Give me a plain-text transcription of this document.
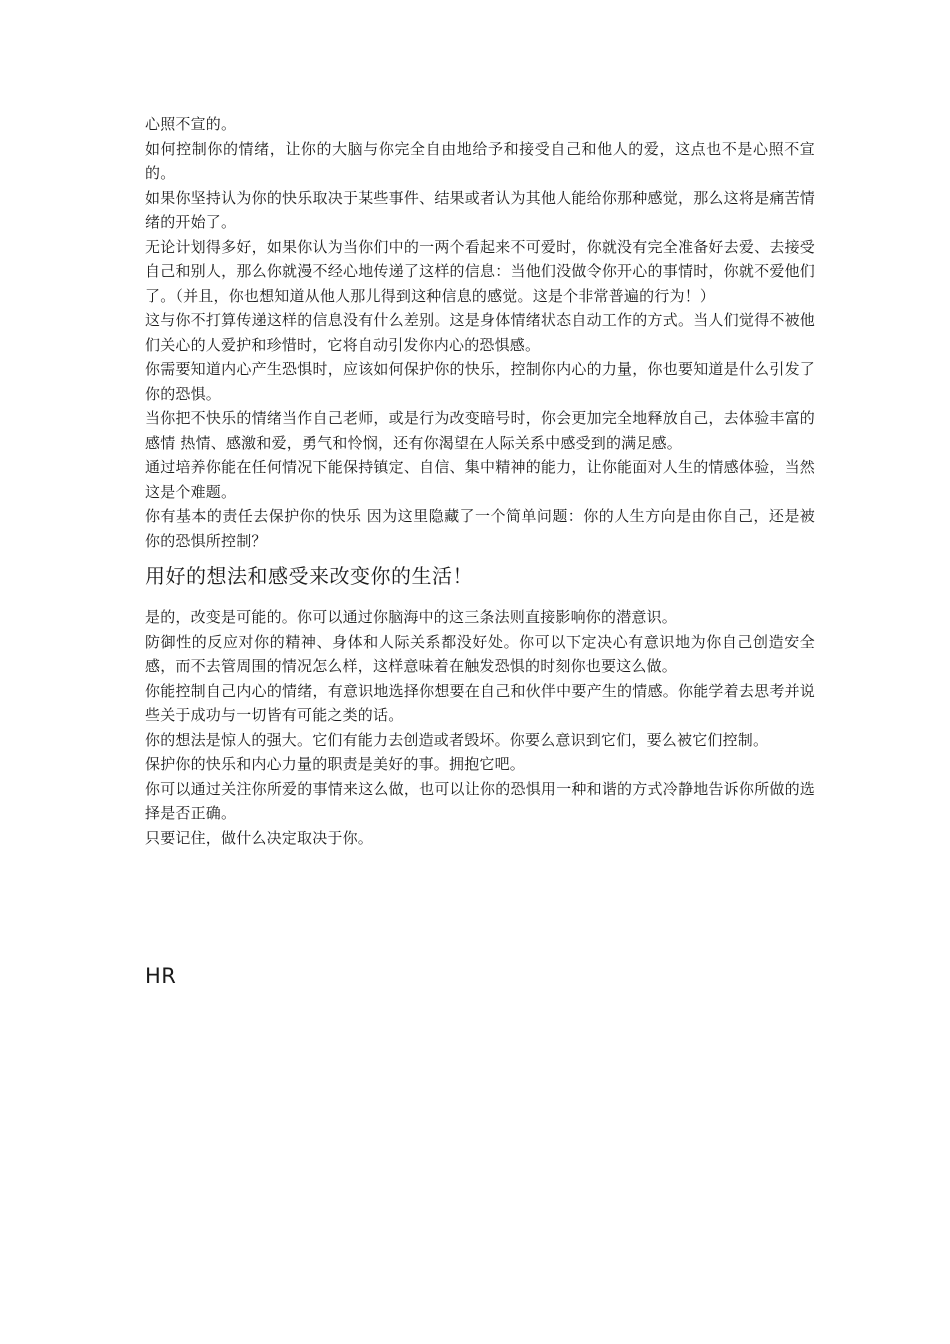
心照不宣的。

如何控制你的情绪，让你的大脑与你完全自由地给予和接受自己和他人的爱，这点也不是心照不宣的。

如果你坚持认为你的快乐取决于某些事件、结果或者认为其他人能给你那种感觉，那么这将是痛苦情绪的开始了。

无论计划得多好，如果你认为当你们中的一两个看起来不可爱时，你就没有完全准备好去爱、去接受自己和别人，那么你就漫不经心地传递了这样的信息：当他们没做令你开心的事情时，你就不爱他们了。（并且，你也想知道从他人那儿得到这种信息的感觉。这是个非常普遍的行为！）

这与你不打算传递这样的信息没有什么差别。这是身体情绪状态自动工作的方式。当人们觉得不被他们关心的人爱护和珍惜时，它将自动引发你内心的恐惧感。

你需要知道内心产生恐惧时，应该如何保护你的快乐，控制你内心的力量，你也要知道是什么引发了你的恐惧。

当你把不快乐的情绪当作自己老师，或是行为改变暗号时，你会更加完全地释放自己，去体验丰富的感情 热情、感激和爱，勇气和怜悯，还有你渴望在人际关系中感受到的满足感。

通过培养你能在任何情况下能保持镇定、自信、集中精神的能力，让你能面对人生的情感体验，当然这是个难题。

你有基本的责任去保护你的快乐 因为这里隐藏了一个简单问题：你的人生方向是由你自己，还是被你的恐惧所控制？

用好的想法和感受来改变你的生活！

是的，改变是可能的。你可以通过你脑海中的这三条法则直接影响你的潜意识。

防御性的反应对你的精神、身体和人际关系都没好处。你可以下定决心有意识地为你自己创造安全感，而不去管周围的情况怎么样，这样意味着在触发恐惧的时刻你也要这么做。

你能控制自己内心的情绪，有意识地选择你想要在自己和伙伴中要产生的情感。你能学着去思考并说些关于成功与一切皆有可能之类的话。

你的想法是惊人的强大。它们有能力去创造或者毁坏。你要么意识到它们，要么被它们控制。

保护你的快乐和内心力量的职责是美好的事。拥抱它吧。

你可以通过关注你所爱的事情来这么做，也可以让你的恐惧用一种和谐的方式冷静地告诉你所做的选择是否正确。

只要记住，做什么决定取决于你。

HR
